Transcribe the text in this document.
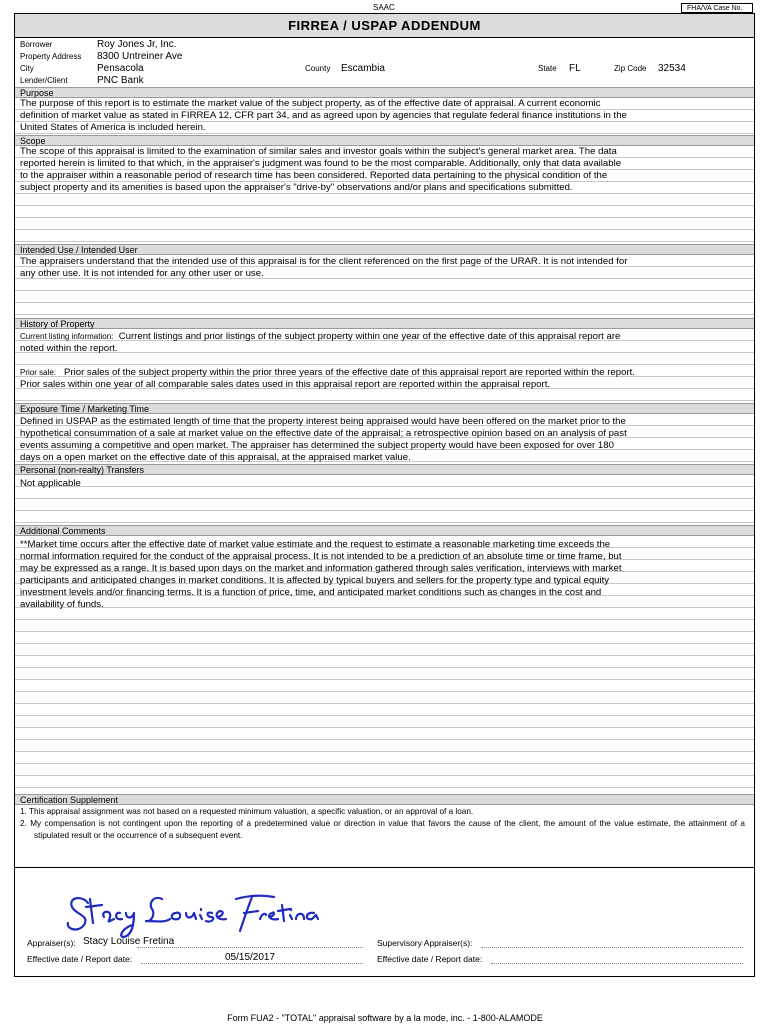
SAAC	FHA/VA Case No.
FIRREA / USPAP ADDENDUM
Borrower	Roy Jones Jr, Inc.
Property Address 8300 Untreiner Ave
City	Pensacola	County Escambia	State FL	Zip Code 32534
Lender/Client	PNC Bank
Purpose
The purpose of this report is to estimate the market value of the subject property, as of the effective date of appraisal. A current economic
definition of market value as stated in FIRREA 12, CFR part 34, and as agreed upon by agencies that regulate federal finance institutions in the
United States of America is included herein.
Scope
The scope of this appraisal is limited to the examination of similar sales and investor goals within the subject's general market area. The data
reported herein is limited to that which, in the appraiser's judgment was found to be the most comparable. Additionally, only that data available
to the appraiser within a reasonable period of research time has been considered. Reported data pertaining to the physical condition of the
subject property and its amenities is based upon the appraiser's "drive-by" observations and/or plans and specifications submitted.
Intended Use / Intended User
The appraisers understand that the intended use of this appraisal is for the client referenced on the first page of the URAR. It is not intended for
any other use. It is not intended for any other user or use.
History of Property
Current listing information: Current listings and prior listings of the subject property within one year of the effective date of this appraisal report are
noted within the report.
Prior sale: Prior sales of the subject property within the prior three years of the effective date of this appraisal report are reported within the report.
Prior sales within one year of all comparable sales dates used in this appraisal report are reported within the appraisal report.
Exposure Time / Marketing Time
Defined in USPAP as the estimated length of time that the property interest being appraised would have been offered on the market prior to the
hypothetical consummation of a sale at market value on the effective date of the appraisal; a retrospective opinion based on an analysis of past
events assuming a competitive and open market. The appraiser has determined the subject property would have been exposed for over 180
days on a open market on the effective date of this appraisal, at the appraised market value.
Personal (non-realty) Transfers
Not applicable
Additional Comments
**Market time occurs after the effective date of market value estimate and the request to estimate a reasonable marketing time exceeds the
normal information required for the conduct of the appraisal process. It is not intended to be a prediction of an absolute time or time frame, but
may be expressed as a range. It is based upon days on the market and information gathered through sales verification, interviews with market
participants and anticipated changes in market conditions. It is affected by typical buyers and sellers for the property type and typical equity
investment levels and/or financing terms. It is a function of price, time, and anticipated market conditions such as changes in the cost and
availability of funds.
Certification Supplement
1. This appraisal assignment was not based on a requested minimum valuation, a specific valuation, or an approval of a loan.
2. My compensation is not contingent upon the reporting of a predetermined value or direction in value that favors the cause of the client, the amount of the value estimate, the attainment of a stipulated result or the occurrence of a subsequent event.
Appraiser(s): Stacy Louise Fretina
Effective date / Report date:	05/15/2017
Supervisory Appraiser(s):
Effective date / Report date:
Form FUA2 - "TOTAL" appraisal software by a la mode, inc. - 1-800-ALAMODE
